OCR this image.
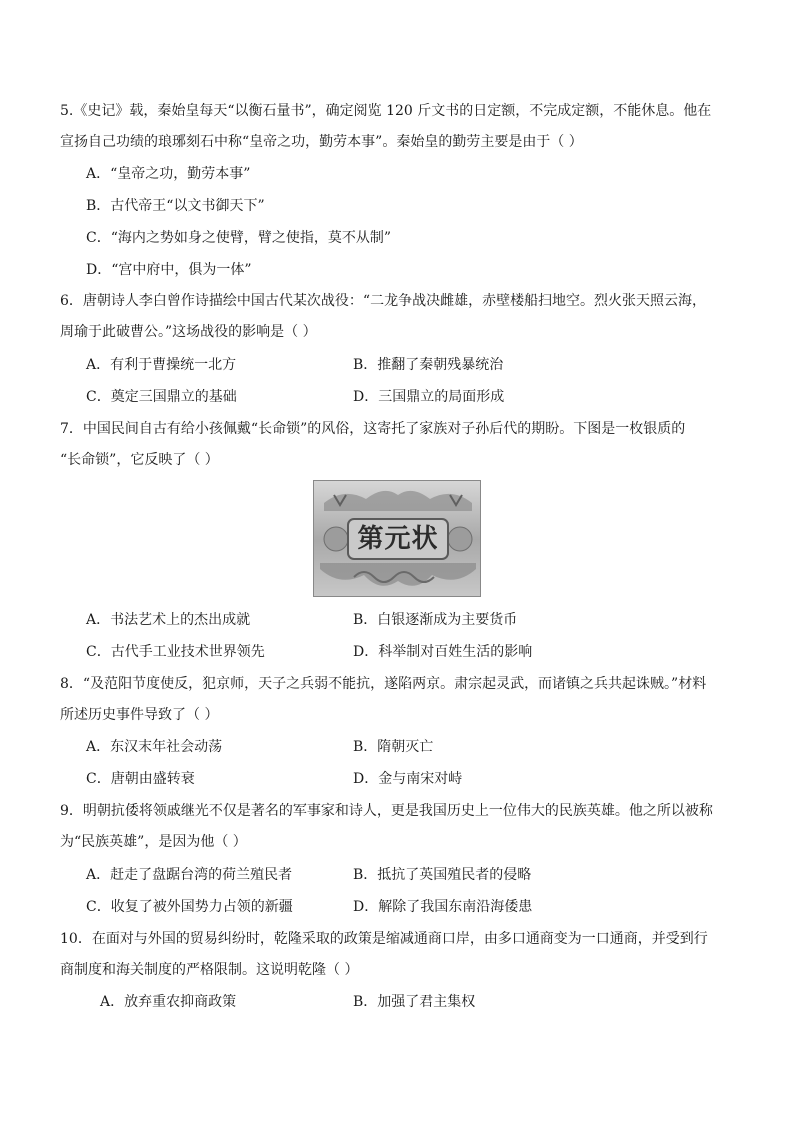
5.《史记》载，秦始皇每天“以衡石量书”，确定阅览 120 斤文书的日定额，不完成定额，不能休息。他在
宣扬自己功绩的琅琊刻石中称“皇帝之功，勤劳本事”。秦始皇的勤劳主要是由于（ ）
A．“皇帝之功，勤劳本事”
B．古代帝王“以文书御天下”
C．“海内之势如身之使臂，臂之使指，莫不从制”
D．“宫中府中，俱为一体”
6．唐朝诗人李白曾作诗描绘中国古代某次战役：“二龙争战决雌雄，赤壁楼船扫地空。烈火张天照云海，
周瑜于此破曹公。”这场战役的影响是（ ）
A．有利于曹操统一北方	B．推翻了秦朝残暴统治
C．奠定三国鼎立的基础	D．三国鼎立的局面形成
7．中国民间自古有给小孩佩戴“长命锁”的风俗，这寄托了家族对子孙后代的期盼。下图是一枚银质的
“长命锁”，它反映了（ ）
第元状
A．书法艺术上的杰出成就	B．白银逐渐成为主要货币
C．古代手工业技术世界领先	D．科举制对百姓生活的影响
8．“及范阳节度使反，犯京师，天子之兵弱不能抗，遂陷两京。肃宗起灵武，而诸镇之兵共起诛贼。”材料
所述历史事件导致了（ ）
A．东汉末年社会动荡	B．隋朝灭亡
C．唐朝由盛转衰	D．金与南宋对峙
9．明朝抗倭将领戚继光不仅是著名的军事家和诗人，更是我国历史上一位伟大的民族英雄。他之所以被称
为“民族英雄”，是因为他（ ）
A．赶走了盘踞台湾的荷兰殖民者	B．抵抗了英国殖民者的侵略
C．收复了被外国势力占领的新疆	D．解除了我国东南沿海倭患
10．在面对与外国的贸易纠纷时，乾隆采取的政策是缩减通商口岸，由多口通商变为一口通商，并受到行
商制度和海关制度的严格限制。这说明乾隆（ ）
A．放弃重农抑商政策	B．加强了君主集权
